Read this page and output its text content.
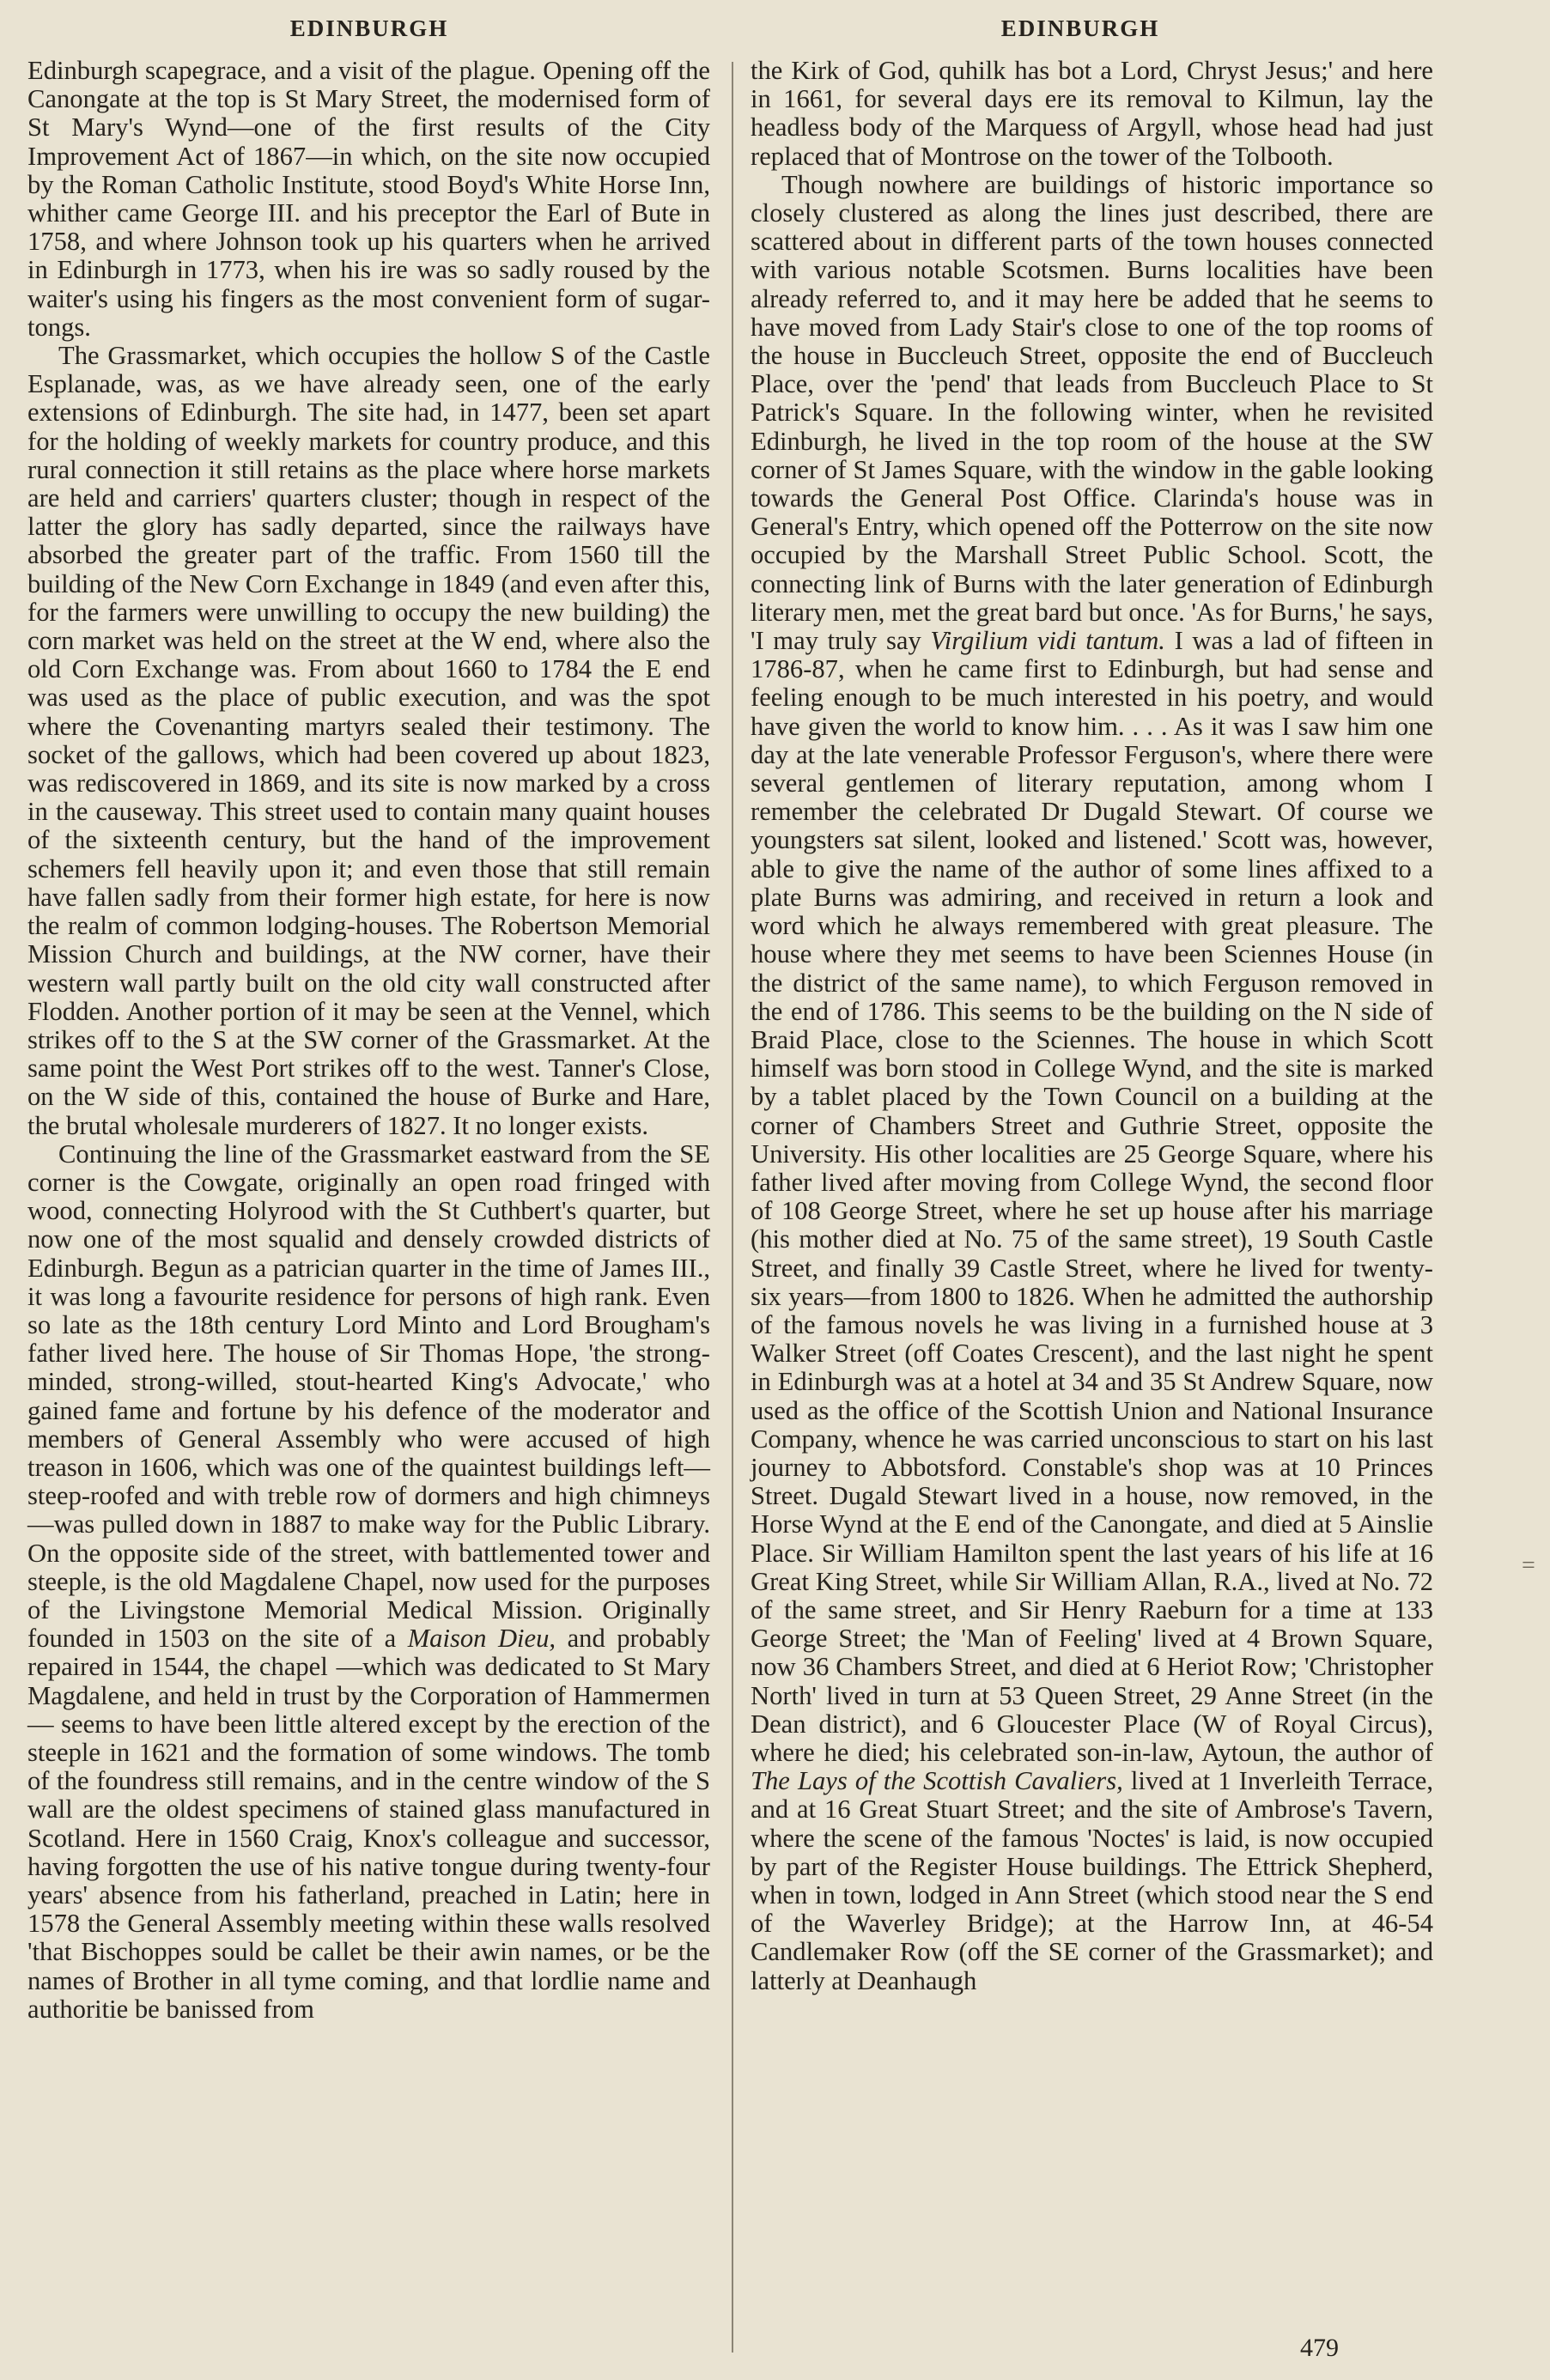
EDINBURGH	EDINBURGH

Edinburgh scapegrace, and a visit of the plague. Opening off the Canongate at the top is St Mary Street, the modernised form of St Mary's Wynd—one of the first results of the City Improvement Act of 1867—in which, on the site now occupied by the Roman Catholic Institute, stood Boyd's White Horse Inn, whither came George III. and his preceptor the Earl of Bute in 1758, and where Johnson took up his quarters when he arrived in Edinburgh in 1773, when his ire was so sadly roused by the waiter's using his fingers as the most convenient form of sugar-tongs.

The Grassmarket, which occupies the hollow S of the Castle Esplanade, was, as we have already seen, one of the early extensions of Edinburgh. The site had, in 1477, been set apart for the holding of weekly markets for country produce, and this rural connection it still retains as the place where horse markets are held and carriers' quarters cluster; though in respect of the latter the glory has sadly departed, since the railways have absorbed the greater part of the traffic. From 1560 till the building of the New Corn Exchange in 1849 (and even after this, for the farmers were unwilling to occupy the new building) the corn market was held on the street at the W end, where also the old Corn Exchange was. From about 1660 to 1784 the E end was used as the place of public execution, and was the spot where the Covenanting martyrs sealed their testimony. The socket of the gallows, which had been covered up about 1823, was rediscovered in 1869, and its site is now marked by a cross in the causeway. This street used to contain many quaint houses of the sixteenth century, but the hand of the improvement schemers fell heavily upon it; and even those that still remain have fallen sadly from their former high estate, for here is now the realm of common lodging-houses. The Robertson Memorial Mission Church and buildings, at the NW corner, have their western wall partly built on the old city wall constructed after Flodden. Another portion of it may be seen at the Vennel, which strikes off to the S at the SW corner of the Grassmarket. At the same point the West Port strikes off to the west. Tanner's Close, on the W side of this, contained the house of Burke and Hare, the brutal wholesale murderers of 1827. It no longer exists.

Continuing the line of the Grassmarket eastward from the SE corner is the Cowgate, originally an open road fringed with wood, connecting Holyrood with the St Cuthbert's quarter, but now one of the most squalid and densely crowded districts of Edinburgh. Begun as a patrician quarter in the time of James III., it was long a favourite residence for persons of high rank. Even so late as the 18th century Lord Minto and Lord Brougham's father lived here. The house of Sir Thomas Hope, 'the strong-minded, strong-willed, stout-hearted King's Advocate,' who gained fame and fortune by his defence of the moderator and members of General Assembly who were accused of high treason in 1606, which was one of the quaintest buildings left—steep-roofed and with treble row of dormers and high chimneys—was pulled down in 1887 to make way for the Public Library. On the opposite side of the street, with battlemented tower and steeple, is the old Magdalene Chapel, now used for the purposes of the Livingstone Memorial Medical Mission. Originally founded in 1503 on the site of a Maison Dieu, and probably repaired in 1544, the chapel —which was dedicated to St Mary Magdalene, and held in trust by the Corporation of Hammermen— seems to have been little altered except by the erection of the steeple in 1621 and the formation of some windows. The tomb of the foundress still remains, and in the centre window of the S wall are the oldest specimens of stained glass manufactured in Scotland. Here in 1560 Craig, Knox's colleague and successor, having forgotten the use of his native tongue during twenty-four years' absence from his fatherland, preached in Latin; here in 1578 the General Assembly meeting within these walls resolved 'that Bischoppes sould be callet be their awin names, or be the names of Brother in all tyme coming, and that lordlie name and authoritie be banissed from

the Kirk of God, quhilk has bot a Lord, Chryst Jesus;' and here in 1661, for several days ere its removal to Kilmun, lay the headless body of the Marquess of Argyll, whose head had just replaced that of Montrose on the tower of the Tolbooth.

Though nowhere are buildings of historic importance so closely clustered as along the lines just described, there are scattered about in different parts of the town houses connected with various notable Scotsmen. Burns localities have been already referred to, and it may here be added that he seems to have moved from Lady Stair's close to one of the top rooms of the house in Buccleuch Street, opposite the end of Buccleuch Place, over the 'pend' that leads from Buccleuch Place to St Patrick's Square. In the following winter, when he revisited Edinburgh, he lived in the top room of the house at the SW corner of St James Square, with the window in the gable looking towards the General Post Office. Clarinda's house was in General's Entry, which opened off the Potterrow on the site now occupied by the Marshall Street Public School. Scott, the connecting link of Burns with the later generation of Edinburgh literary men, met the great bard but once. 'As for Burns,' he says, 'I may truly say Virgilium vidi tantum. I was a lad of fifteen in 1786-87, when he came first to Edinburgh, but had sense and feeling enough to be much interested in his poetry, and would have given the world to know him. . . . As it was I saw him one day at the late venerable Professor Ferguson's, where there were several gentlemen of literary reputation, among whom I remember the celebrated Dr Dugald Stewart. Of course we youngsters sat silent, looked and listened.' Scott was, however, able to give the name of the author of some lines affixed to a plate Burns was admiring, and received in return a look and word which he always remembered with great pleasure. The house where they met seems to have been Sciennes House (in the district of the same name), to which Ferguson removed in the end of 1786. This seems to be the building on the N side of Braid Place, close to the Sciennes. The house in which Scott himself was born stood in College Wynd, and the site is marked by a tablet placed by the Town Council on a building at the corner of Chambers Street and Guthrie Street, opposite the University. His other localities are 25 George Square, where his father lived after moving from College Wynd, the second floor of 108 George Street, where he set up house after his marriage (his mother died at No. 75 of the same street), 19 South Castle Street, and finally 39 Castle Street, where he lived for twenty-six years—from 1800 to 1826. When he admitted the authorship of the famous novels he was living in a furnished house at 3 Walker Street (off Coates Crescent), and the last night he spent in Edinburgh was at a hotel at 34 and 35 St Andrew Square, now used as the office of the Scottish Union and National Insurance Company, whence he was carried unconscious to start on his last journey to Abbotsford. Constable's shop was at 10 Princes Street. Dugald Stewart lived in a house, now removed, in the Horse Wynd at the E end of the Canongate, and died at 5 Ainslie Place. Sir William Hamilton spent the last years of his life at 16 Great King Street, while Sir William Allan, R.A., lived at No. 72 of the same street, and Sir Henry Raeburn for a time at 133 George Street; the 'Man of Feeling' lived at 4 Brown Square, now 36 Chambers Street, and died at 6 Heriot Row; 'Christopher North' lived in turn at 53 Queen Street, 29 Anne Street (in the Dean district), and 6 Gloucester Place (W of Royal Circus), where he died; his celebrated son-in-law, Aytoun, the author of The Lays of the Scottish Cavaliers, lived at 1 Inverleith Terrace, and at 16 Great Stuart Street; and the site of Ambrose's Tavern, where the scene of the famous 'Noctes' is laid, is now occupied by part of the Register House buildings. The Ettrick Shepherd, when in town, lodged in Ann Street (which stood near the S end of the Waverley Bridge); at the Harrow Inn, at 46-54 Candlemaker Row (off the SE corner of the Grassmarket); and latterly at Deanhaugh

=
479
